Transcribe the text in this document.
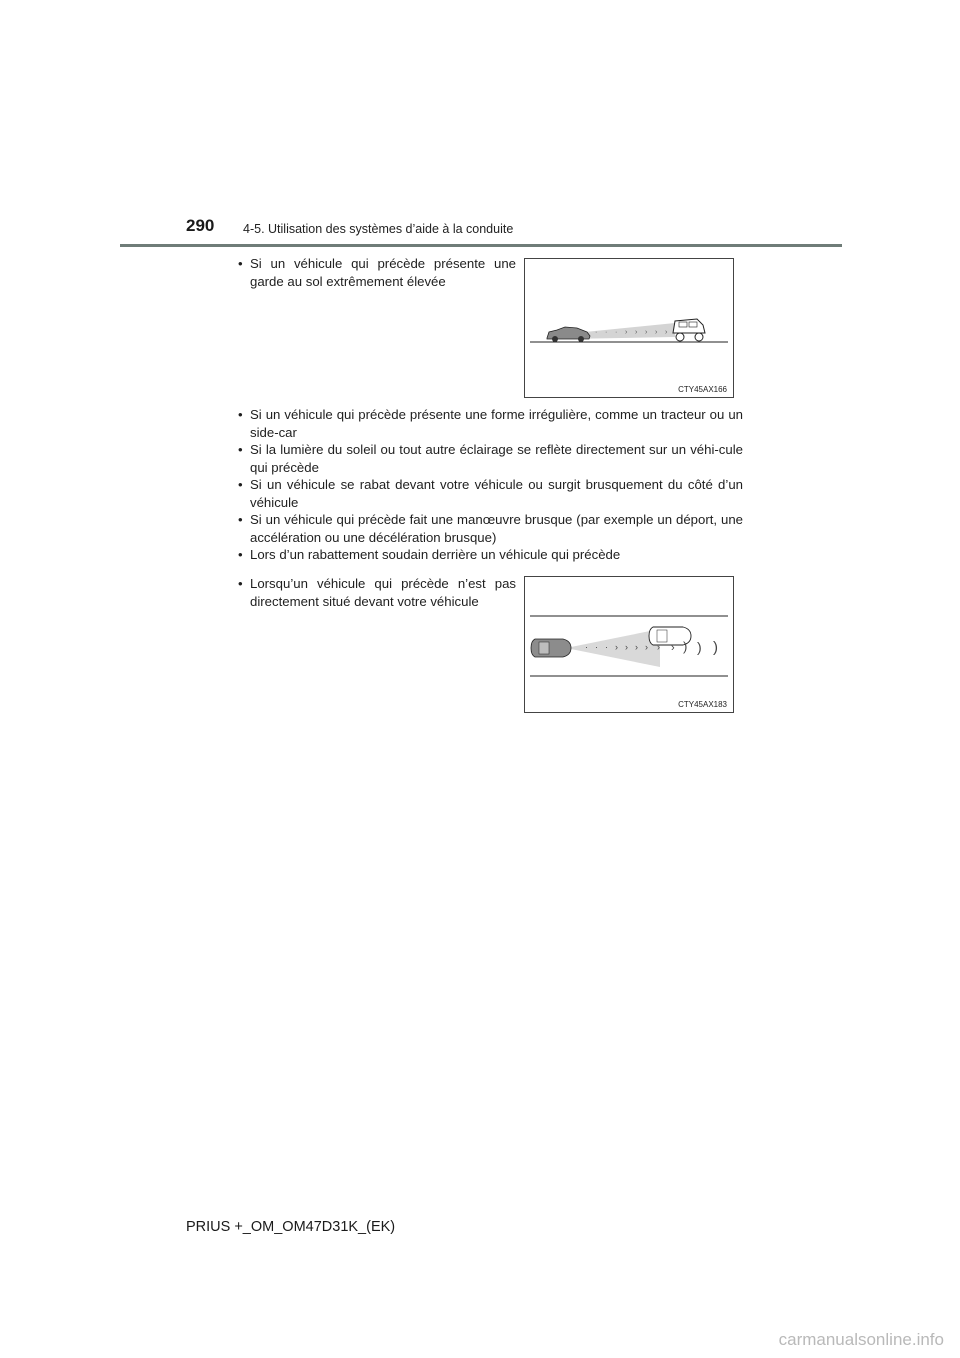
290 4-5. Utilisation des systèmes d’aide à la conduite
• Si un véhicule qui précède présente une garde au sol extrêmement élevée
· · · › › › › ›
CTY45AX166
• Si un véhicule qui précède présente une forme irrégulière, comme un tracteur ou un side-car
• Si la lumière du soleil ou tout autre éclairage se reflète directement sur un véhi-cule qui précède
• Si un véhicule se rabat devant votre véhicule ou surgit brusquement du côté d’un véhicule
• Si un véhicule qui précède fait une manœuvre brusque (par exemple un déport, une accélération ou une décélération brusque)
• Lors d’un rabattement soudain derrière un véhicule qui précède
• Lorsqu’un véhicule qui précède n’est pas directement situé devant votre véhicule
· · · › › › › › › ) ) )
CTY45AX183
PRIUS +_OM_OM47D31K_(EK)
carmanualsonline.info
